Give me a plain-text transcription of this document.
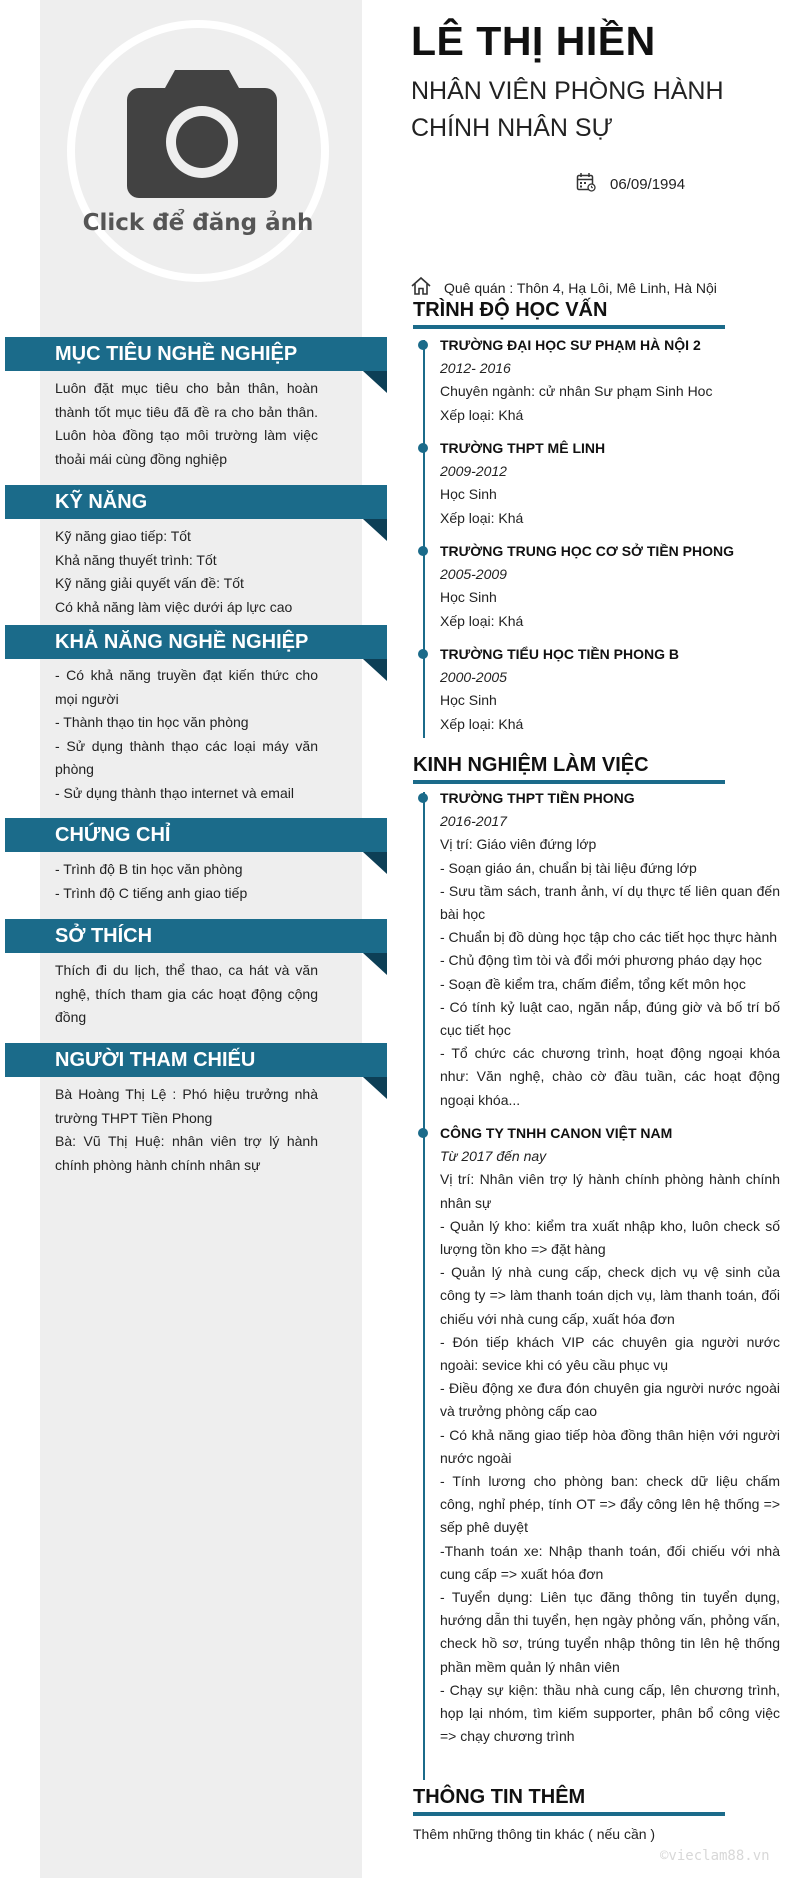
Click để đăng ảnh
LÊ THỊ HIỀN
NHÂN VIÊN PHÒNG HÀNH
CHÍNH NHÂN SỰ
06/09/1994
Quê quán : Thôn 4, Hạ Lôi, Mê Linh, Hà Nội
MỤC TIÊU NGHỀ NGHIỆP

Luôn đặt mục tiêu cho bản thân, hoàn thành tốt mục tiêu đã đề ra cho bản thân. Luôn hòa đồng tạo môi trường làm việc thoải mái cùng đồng nghiệp

KỸ NĂNG

Kỹ năng giao tiếp: Tốt

Khả năng thuyết trình: Tốt

Kỹ năng giải quyết vấn đề: Tốt

Có khả năng làm việc dưới áp lực cao

KHẢ NĂNG NGHỀ NGHIỆP

- Có khả năng truyền đạt kiến thức cho mọi người

- Thành thạo tin học văn phòng

- Sử dụng thành thạo các loại máy văn phòng

- Sử dụng thành thạo internet và email

CHỨNG CHỈ

- Trình độ B tin học văn phòng

- Trình độ C tiếng anh giao tiếp

SỞ THÍCH

Thích đi du lịch, thể thao, ca hát và văn nghệ, thích tham gia các hoạt động cộng đồng

NGƯỜI THAM CHIẾU

Bà Hoàng Thị Lệ : Phó hiệu trưởng nhà trường THPT Tiền Phong

Bà: Vũ Thị Huệ: nhân viên trợ lý hành chính phòng hành chính nhân sự

TRÌNH ĐỘ HỌC VẤN

TRƯỜNG ĐẠI HỌC SƯ PHẠM HÀ NỘI 2

2012- 2016

Chuyên ngành: cử nhân Sư phạm Sinh Hoc

Xếp loại: Khá

TRƯỜNG THPT MÊ LINH

2009-2012

Học Sinh

Xếp loại: Khá

TRƯỜNG TRUNG HỌC CƠ SỞ TIỀN PHONG

2005-2009

Học Sinh

Xếp loại: Khá

TRƯỜNG TIỂU HỌC TIỀN PHONG B

2000-2005

Học Sinh

Xếp loại: Khá

KINH NGHIỆM LÀM VIỆC

TRƯỜNG THPT TIỀN PHONG

2016-2017

Vị trí: Giáo viên đứng lớp

- Soạn giáo án, chuẩn bị tài liệu đứng lớp

- Sưu tầm sách, tranh ảnh, ví dụ thực tế liên quan đến bài học

- Chuẩn bị đồ dùng học tập cho các tiết học thực hành

- Chủ động tìm tòi và đổi mới phương pháo dạy học

- Soạn đề kiểm tra, chấm điểm, tổng kết môn học

- Có tính kỷ luật cao, ngăn nắp, đúng giờ và bố trí bố cục tiết học

- Tổ chức các chương trình, hoạt động ngoại khóa như: Văn nghệ, chào cờ đầu tuần, các hoạt động ngoại khóa...

CÔNG TY TNHH CANON VIỆT NAM

Từ 2017 đến nay

Vị trí: Nhân viên trợ lý hành chính phòng hành chính nhân sự

- Quản lý kho: kiểm tra xuất nhập kho, luôn check số lượng tồn kho => đặt hàng

- Quản lý nhà cung cấp, check dịch vụ vệ sinh của công ty => làm thanh toán dịch vụ, làm thanh toán, đối chiếu với nhà cung cấp, xuất hóa đơn

- Đón tiếp khách VIP các chuyên gia người nước ngoài: sevice khi có yêu cầu phục vụ

- Điều động xe đưa đón chuyên gia người nước ngoài và trưởng phòng cấp cao

- Có khả năng giao tiếp hòa đồng thân hiện với người nước ngoài

- Tính lương cho phòng ban: check dữ liệu chấm công, nghỉ phép, tính OT => đẩy công lên hệ thống => sếp phê duyệt

-Thanh toán xe: Nhập thanh toán, đối chiếu với nhà cung cấp => xuất hóa đơn

- Tuyển dụng: Liên tục đăng thông tin tuyển dụng, hướng dẫn thi tuyển, hẹn ngày phỏng vấn, phỏng vấn, check hồ sơ, trúng tuyển nhập thông tin lên hệ thống phần mềm quản lý nhân viên

- Chạy sự kiện: thầu nhà cung cấp, lên chương trình, họp lại nhóm, tìm kiếm supporter, phân bổ công việc => chạy chương trình

THÔNG TIN THÊM
Thêm những thông tin khác ( nếu cần )
©vieclam88.vn
